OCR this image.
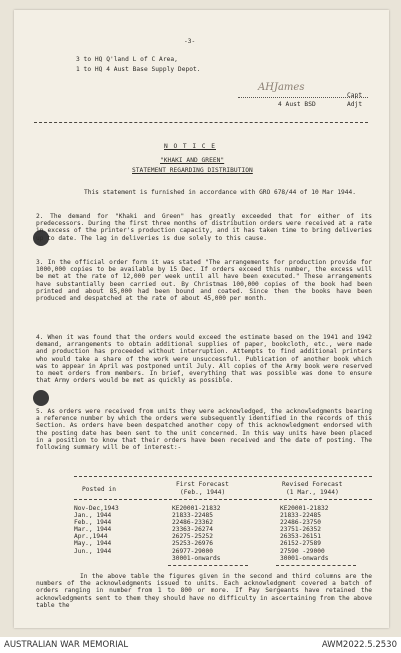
-3-
3 to HQ Q'land L of C Area,
1 to HQ 4 Aust Base Supply Depot.
AHJames
Capt
4 Aust BSD	Adjt
N O T I C E
"KHAKI AND GREEN"
STATEMENT REGARDING DISTRIBUTION
This statement is furnished in accordance with GRO 678/44 of 10 Mar 1944.
2. The demand for "Khaki and Green" has greatly exceeded that for either of its predecessors. During the first three months of distribution orders were received at a rate in excess of the printer's production capacity, and it has taken time to bring deliveries up to date. The lag in deliveries is due solely to this cause.
3. In the official order form it was stated "The arrangements for production provide for 1000,000 copies to be available by 15 Dec. If orders exceed this number, the excess will be met at the rate of 12,000 per week until all have been executed." These arrangements have substantially been carried out. By Christmas 100,000 copies of the book had been printed and about 85,000 had been bound and coated. Since then the books have been produced and despatched at the rate of about 45,000 per month.
4. When it was found that the orders would exceed the estimate based on the 1941 and 1942 demand, arrangements to obtain additional supplies of paper, bookcloth, etc., were made and production has proceeded without interruption. Attempts to find additional printers who would take a share of the work were unsuccessful. Publication of another book which was to appear in April was postponed until July. All copies of the Army book were reserved to meet orders from members. In brief, everything that was possible was done to ensure that Army orders would be met as quickly as possible.
5. As orders were received from units they were acknowledged, the acknowledgments bearing a reference number by which the orders were subsequently identified in the records of this Section. As orders have been despatched another copy of this acknowledgment endorsed with the posting date has been sent to the unit concerned. In this way units have been placed in a position to know that their orders have been received and the date of posting. The following summary will be of interest:-
Posted in
First Forecast
(Feb., 1944)
Revised Forecast
(1 Mar., 1944)
Nov-Dec,1943
Jan., 1944
Feb., 1944
Mar., 1944
Apr.,1944
May., 1944
Jun., 1944
KE20001-21832
21833-22485
22486-23362
23363-26274
26275-25252
25253-26976
26977-29000
30001-onwards
KE20001-21832
21833-22485
22486-23750
23751-26352
26353-26151
26152-27589
27590 -29000
30001-onwards
In the above table the figures given in the second and third columns are the numbers of the acknowledgments issued to units. Each acknowledgment covered a batch of orders ranging in number from 1 to 800 or more. If Pay Sergeants have retained the acknowledgments sent to them they should have no difficulty in ascertaining from the above table the
AUSTRALIAN WAR MEMORIAL	AWM2022.5.2530
